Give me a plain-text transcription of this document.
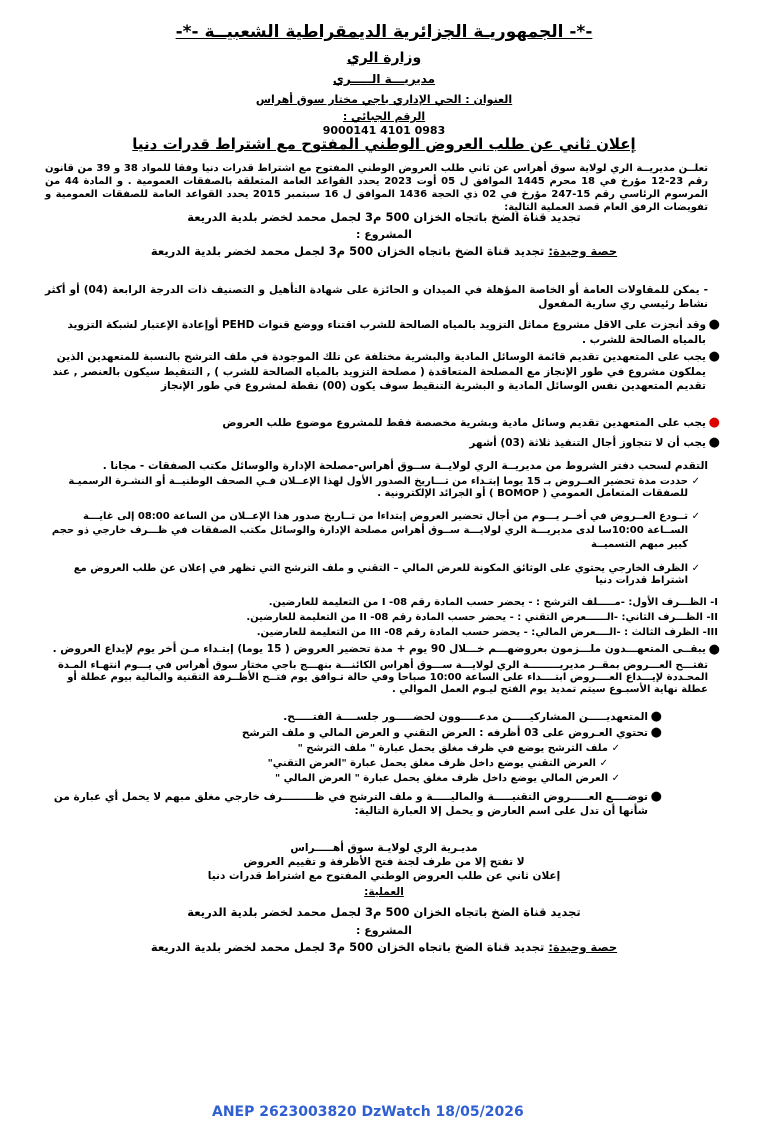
-*- الجمهوريـة الجزائرية الديمقراطية الشعبيــة -*-
وزارة الري
مديريـــة الـــــري
العنوان : الحي الإداري باجي مختار سوق أهراس
الرقم الجبائي :
0983 4101 9000141
إعلان ثاني عن طلب العروض الوطني المفتوح مع اشتراط قدرات دنيا
تعلــن مديريــة الري لولاية سوق أهراس عن ثاني طلب العروض الوطني المفتوح مع اشتراط قدرات دنيا وفقا للمواد 38 و 39 من قانون رقم 23-12 مؤرخ في 18 محرم 1445 الموافق ل 05 أوت 2023 يحدد القواعد العامة المتعلقة بالصفقات العمومية . و المادة 44 من المرسوم الرئاسي رقم 15-247 مؤرخ في 02 ذي الحجة 1436 الموافق ل 16 سبتمبر 2015 يحدد القواعد العامة للصفقات العمومية و تفويضات الرفق العام قصد العملية التالية:
تجديد قناة الضخ باتجاه الخزان 500 م3 لجمل محمد لخضر بلدية الدريعة
المشروع :
حصة وحيدة: تجديد قناة الضخ باتجاه الخزان 500 م3 لجمل محمد لخضر بلدية الدريعة
- يمكن للمقاولات العامة أو الخاصة المؤهلة في الميدان و الحائزة على شهادة التأهيل و التصنيف ذات الدرجة الرابعة (04) أو أكثر نشاط رئيسي ري سارية المفعول
●
وقد أنجزت على الاقل مشروع مماثل التزويد بالمياه الصالحة للشرب اقتناء ووضع قنوات PEHD أوإعادة الإعتبار لشبكة التزويد بالمياه الصالحة للشرب .
●
يجب على المتعهدين تقديم قائمة الوسائل المادية والبشرية مختلفة عن تلك الموجودة في ملف الترشح بالنسبة للمتعهدين الذين يملكون مشروع في طور الإنجاز مع المصلحة المتعاقدة ( مصلحة التزويد بالمياه الصالحة للشرب ) , التنقيط سيكون بالعنصر , عند تقديم المتعهدين نفس الوسائل المادية و البشرية التنقيط سوف يكون (00) نقطة لمشروع في طور الإنجاز
●
يجب على المتعهدين تقديم وسائل مادية وبشرية مخصصة فقط للمشروع موضوع طلب العروض
●
يجب أن لا تتجاوز أجال التنفيذ ثلاثة (03) أشهر
التقدم لسحب دفتر الشروط من مديريــة الري لولايــة ســوق أهراس-مصلحة الإدارة والوسائل مكتب الصفقات - مجانا .
✓
حددت مدة تحضير العــروض بـ 15 يوما إبتـداء من تـــاريخ الصدور الأول لهذا الإعــلان فـي الصحف الوطنيــة أو النشـرة الرسميـة للصفقات المتعامل العمومي ( BOMOP ) أو الجرائد الإلكترونية .
✓
تــودع العــروض في أخــر يـــوم من أجال تحضير العروض إبتداءا من تــاريخ صدور هذا الإعــلان من الساعة 08:00 إلى غايـــة الســاعة 10:00سا لدى مديريـــة الري لولايـــة ســوق أهراس مصلحة الإدارة والوسائل مكتب الصفقات في ظـــرف خارجي ذو حجم كبير مبهم التسميــة
✓
الظرف الخارجي يحتوي على الوثائق المكونة للعرض المالي – التقني و ملف الترشح التي تظهر في إعلان عن طلب العروض مع اشتراط قدرات دنيا
I- الظـــرف الأول: -مـــــلف الترشح : - يحضر حسب المادة رقم 08- I من التعليمة للعارضين.
II- الظـــرف الثاني: -الــــــعرض التقني : - يحضر حسب المادة رقم 08- II من التعليمة للعارضين.
III- الظرف الثالث : -الــــعرض المالي: - يحضر حسب المادة رقم 08- III من التعليمة للعارضين.
●
يبقــى المتعهـــدون ملـــزمون بعروضهـــم خـــلال 90 يوم + مدة تحضير العروض ( 15 يوما) إبتـداء مـن أخر يوم لإيداع العروض .
تفتـــح العـــروض بمقــر مديريـــــــــة الري لولايـــة ســـوق أهراس الكائنـــة بنهـــج باجي مختار سوق أهراس في يـــوم انتهـاء المـدة المحـددة لإيـــداع العــــروض ابتــــداء على الساعة 10:00 صباحا وفي حالة تـوافق يوم فتــح الأظــرفة التقنية والمالية بيوم عطلة أو عطلة نهاية الأسبـوع سيتم تمديد يوم الفتح ليـوم العمل الموالي .
●
المتعهديـــــن المشاركيـــــن مدعـــــوون لحضـــــور جلســــة الفتـــــح.
●
تحتوي العـروض على 03 أظرفه : العرض التقني و العرض المالي و ملف الترشح
✓
ملف الترشح يوضع في ظرف مغلق يحمل عبارة " ملف الترشح "
✓
العرض التقني يوضع داخل ظرف مغلق يحمل عبارة "العرض التقني"
✓
العرض المالي يوضع داخل ظرف مغلق يحمل عبارة " العرض المالي "
●
توضــــع العـــــروض التقنيـــــة والماليـــــة و ملف الترشح في ظـــــــــرف خارجي مغلق مبهم لا يحمل أي عبارة من شأنها أن تدل على اسم العارض و يحمل إلا العبارة التالية:
مديـرية الري لولايـة سوق أهـــــراس
لا تفتح إلا من طرف لجنة فتح الأظرفة و تقييم العروض
إعلان ثاني عن طلب العروض الوطني المفتوح مع اشتراط قدرات دنيا
العملية:
تجديد قناة الضخ باتجاه الخزان 500 م3 لجمل محمد لخضر بلدية الدريعة
المشروع :
حصة وحيدة: تجديد قناة الضخ باتجاه الخزان 500 م3 لجمل محمد لخضر بلدية الدريعة
ANEP 2623003820 DzWatch 18/05/2026
